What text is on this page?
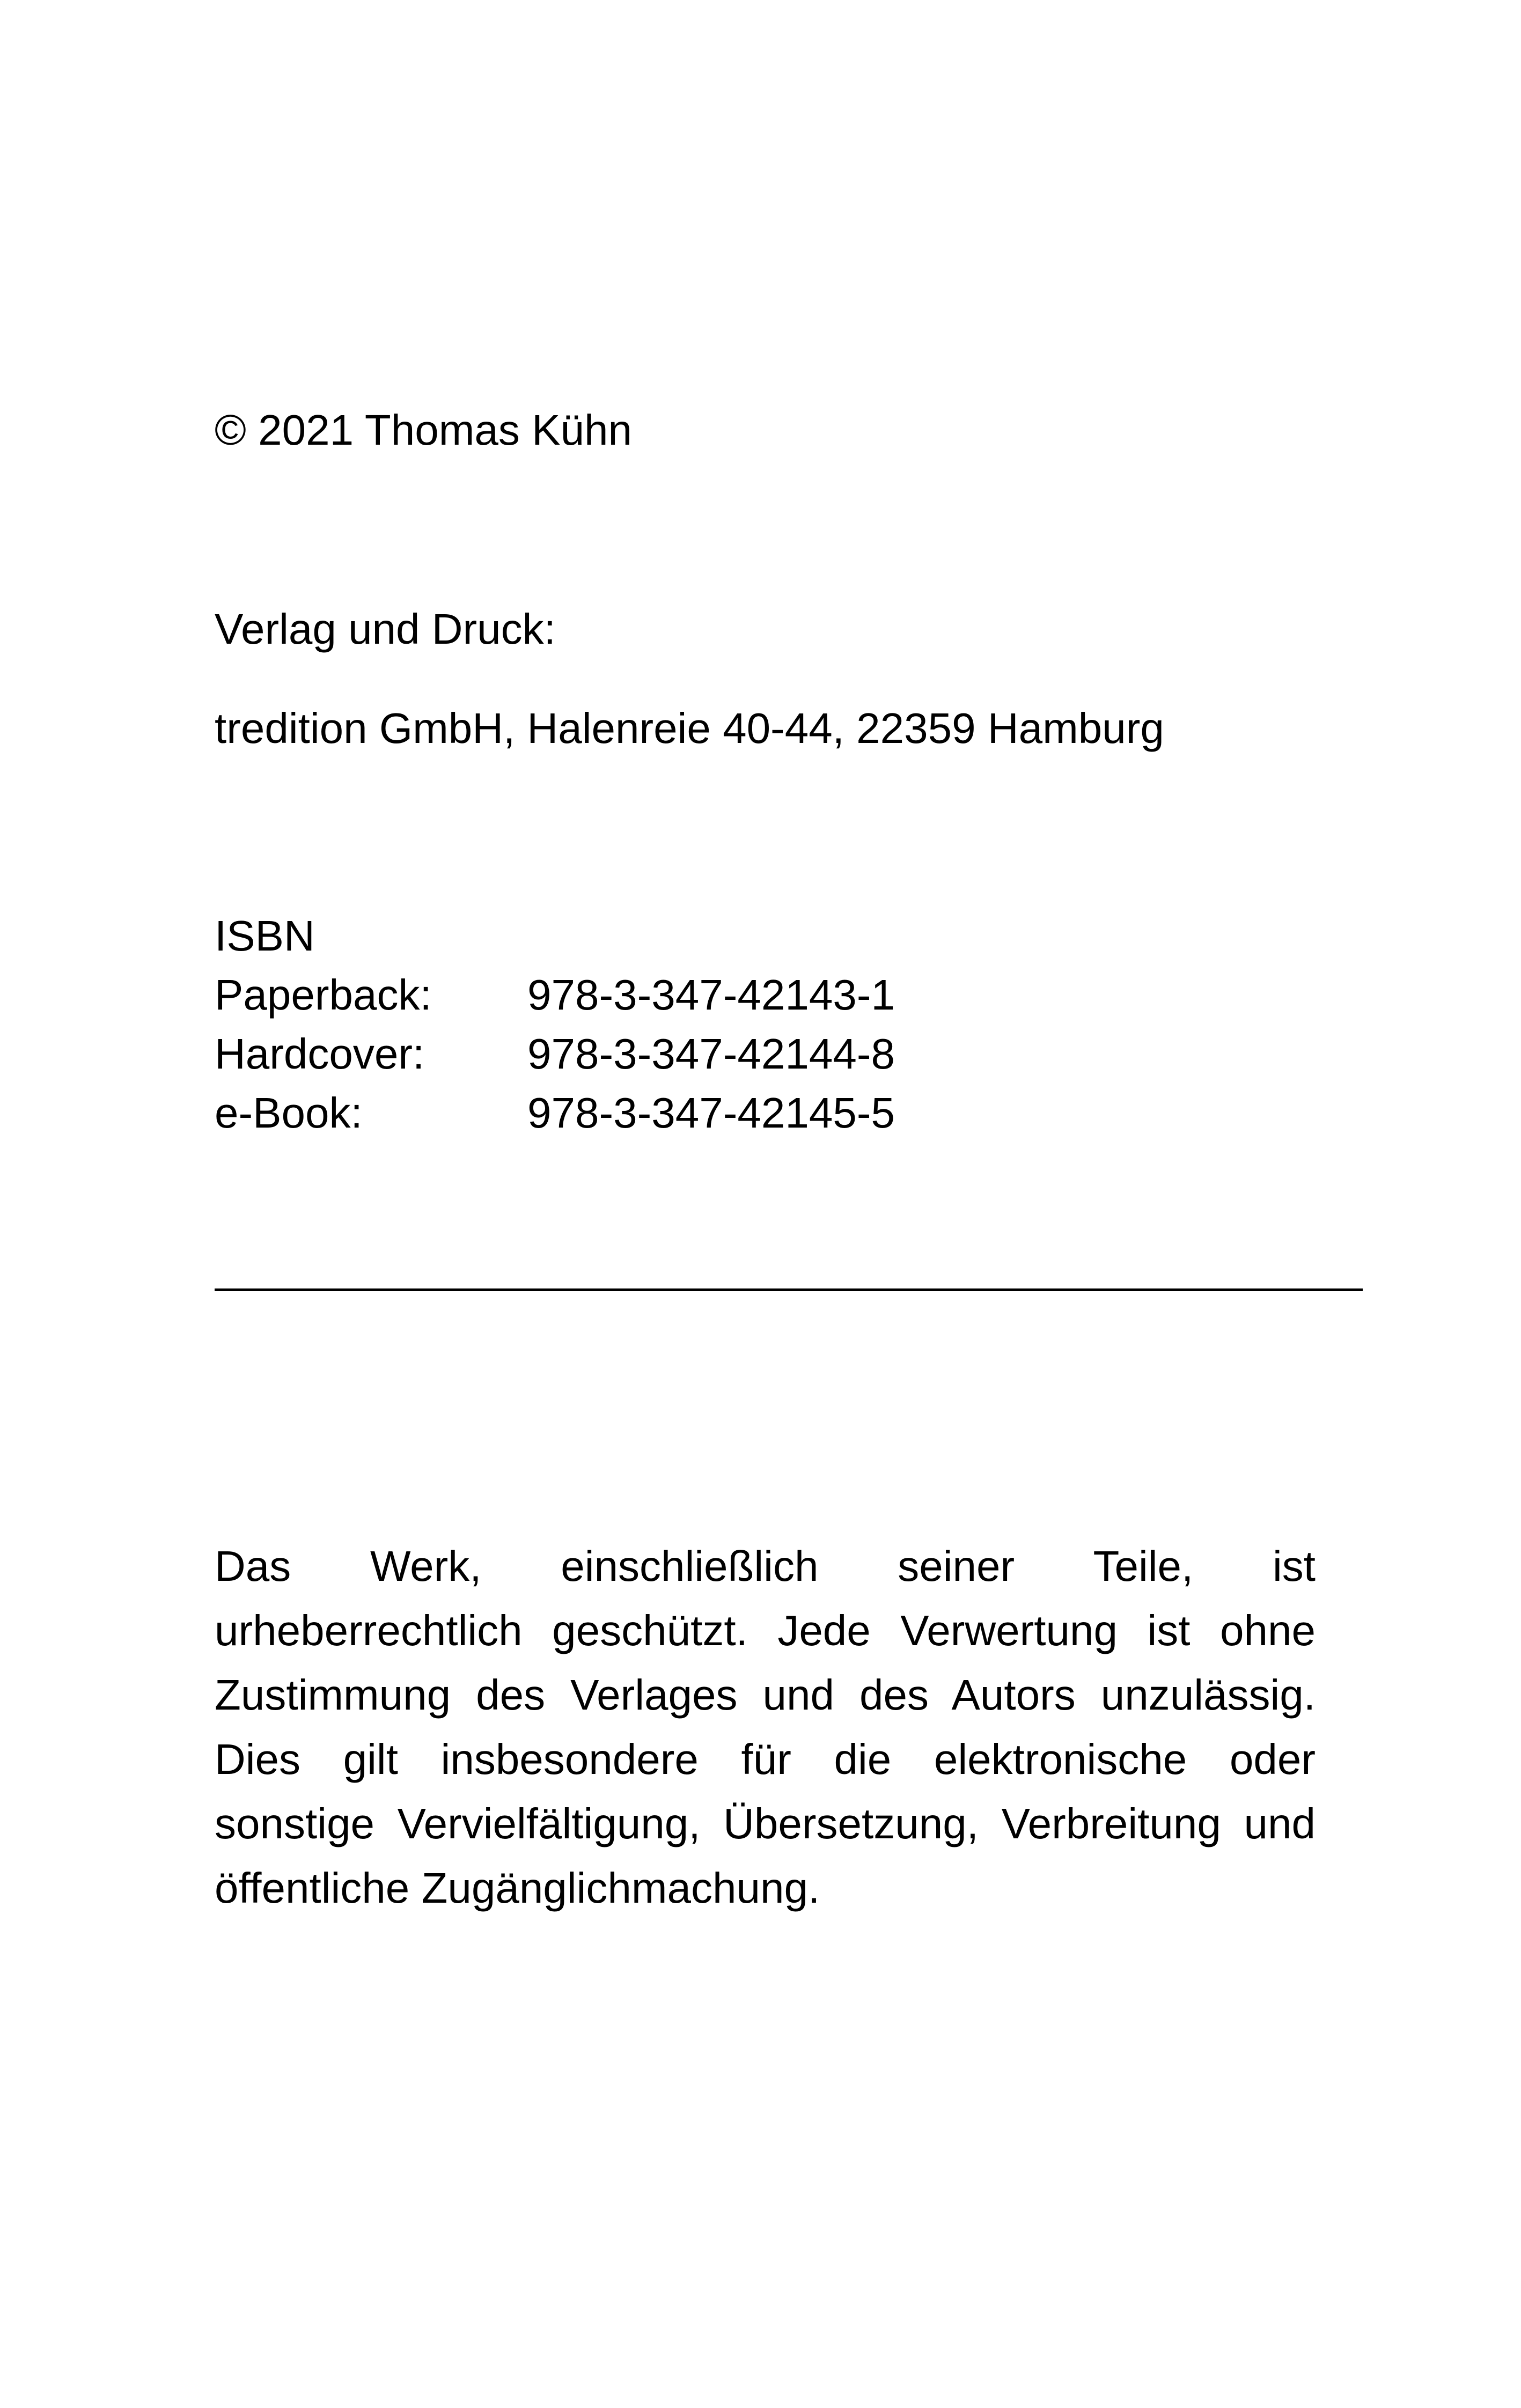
© 2021 Thomas Kühn
Verlag und Druck:
tredition GmbH, Halenreie 40-44, 22359 Hamburg
ISBN
Paperback:	978-3-347-42143-1
Hardcover:	978-3-347-42144-8
e-Book:	978-3-347-42145-5
Das Werk, einschließlich seiner Teile, ist
urheberrechtlich geschützt. Jede Verwertung ist ohne
Zustimmung des Verlages und des Autors unzulässig.
Dies gilt insbesondere für die elektronische oder
sonstige Vervielfältigung, Übersetzung, Verbreitung und
öffentliche Zugänglichmachung.
